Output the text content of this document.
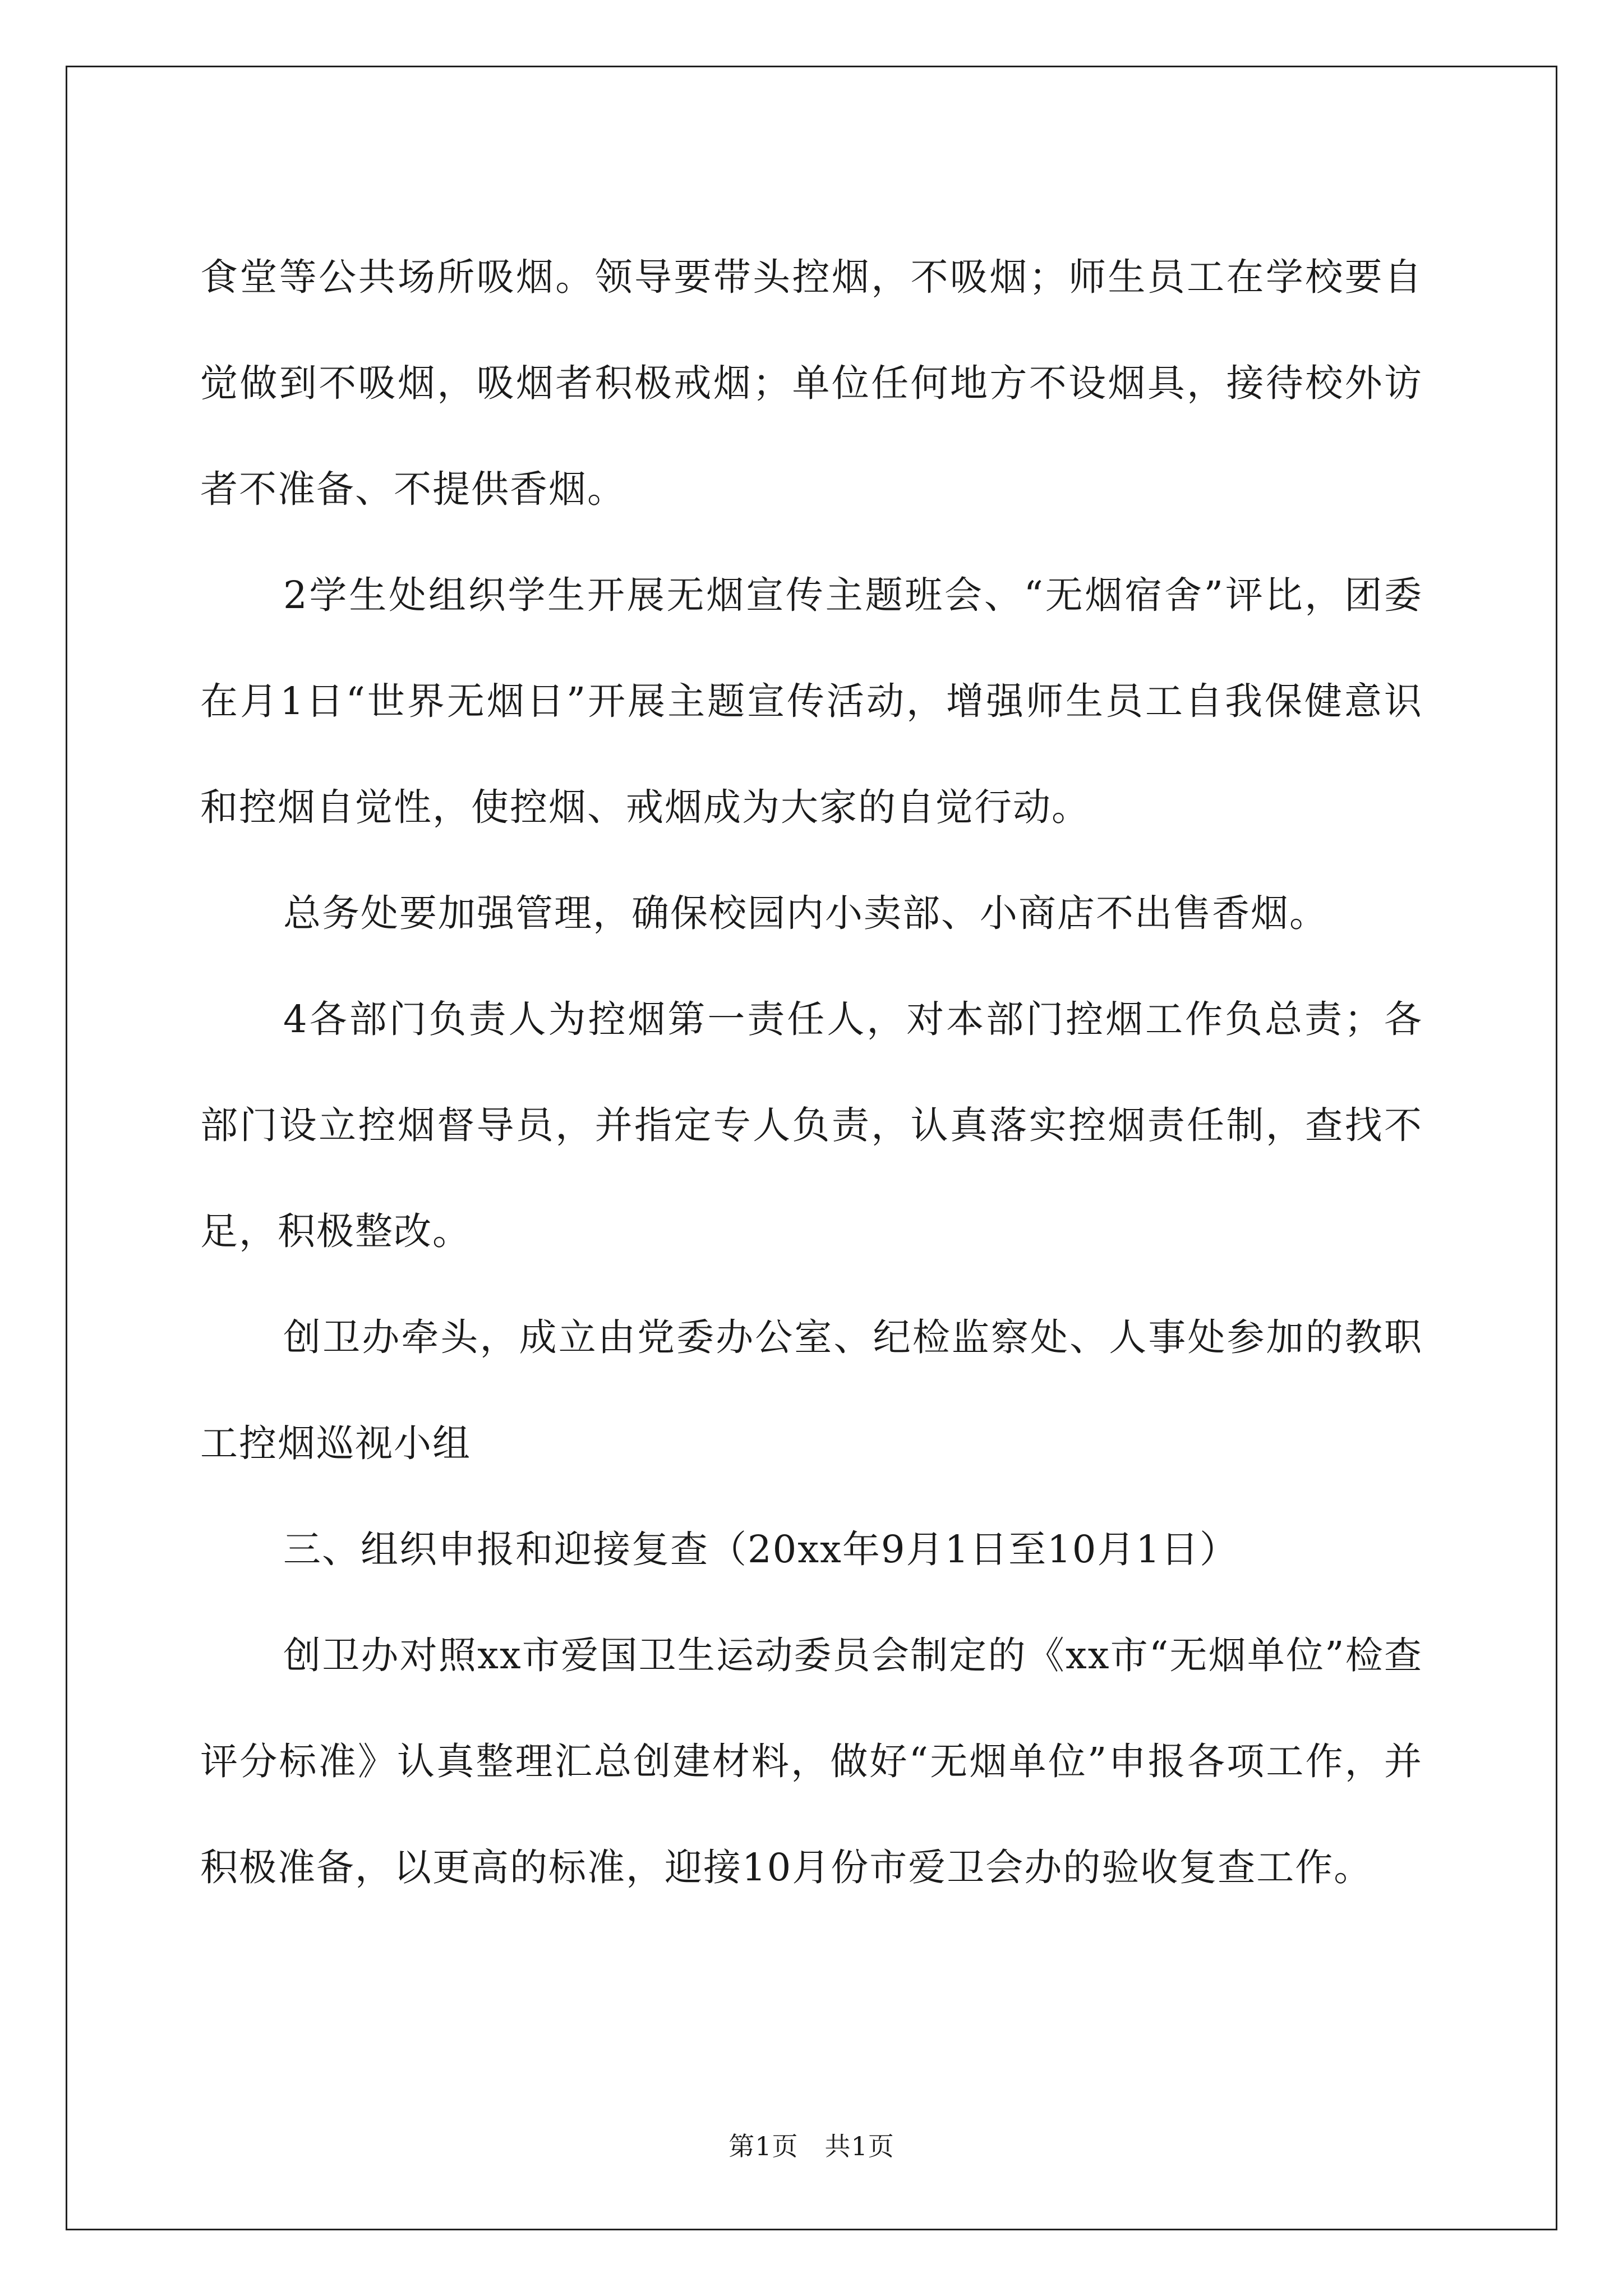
食堂等公共场所吸烟。领导要带头控烟，不吸烟；师生员工在学校要自觉做到不吸烟，吸烟者积极戒烟；单位任何地方不设烟具，接待校外访者不准备、不提供香烟。

2学生处组织学生开展无烟宣传主题班会、“无烟宿舍”评比，团委在月1日“世界无烟日”开展主题宣传活动，增强师生员工自我保健意识和控烟自觉性，使控烟、戒烟成为大家的自觉行动。

总务处要加强管理，确保校园内小卖部、小商店不出售香烟。

4各部门负责人为控烟第一责任人，对本部门控烟工作负总责；各部门设立控烟督导员，并指定专人负责，认真落实控烟责任制，查找不足，积极整改。

创卫办牵头，成立由党委办公室、纪检监察处、人事处参加的教职工控烟巡视小组

三、组织申报和迎接复查（20xx年9月1日至10月1日）

创卫办对照xx市爱国卫生运动委员会制定的《xx市“无烟单位”检查评分标准》认真整理汇总创建材料，做好“无烟单位”申报各项工作，并积极准备，以更高的标准，迎接10月份市爱卫会办的验收复查工作。

第1页　共1页
